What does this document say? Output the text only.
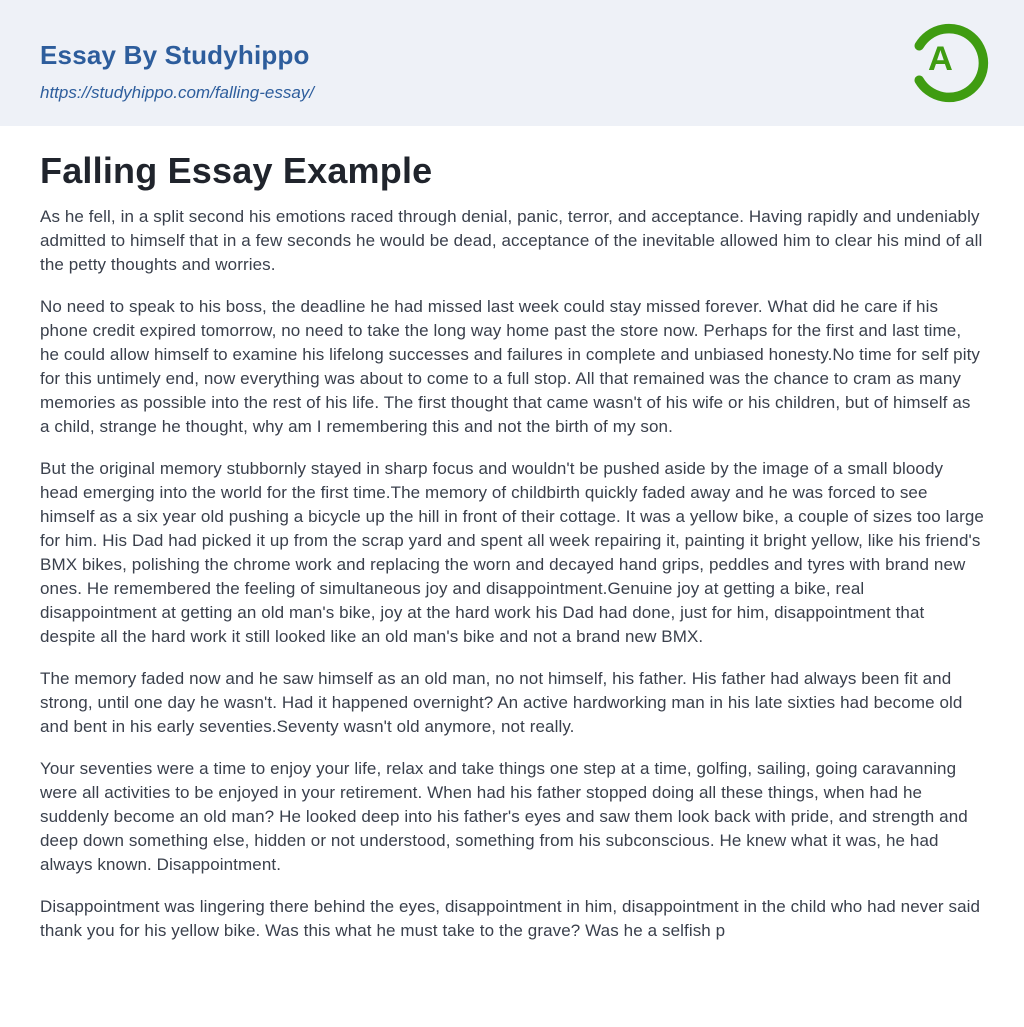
Essay By Studyhippo
https://studyhippo.com/falling-essay/
A
Falling Essay Example

As he fell, in a split second his emotions raced through denial, panic, terror, and acceptance. Having rapidly and undeniably admitted to himself that in a few seconds he would be dead, acceptance of the inevitable allowed him to clear his mind of all the petty thoughts and worries.

No need to speak to his boss, the deadline he had missed last week could stay missed forever. What did he care if his phone credit expired tomorrow, no need to take the long way home past the store now. Perhaps for the first and last time, he could allow himself to examine his lifelong successes and failures in complete and unbiased honesty.No time for self pity for this untimely end, now everything was about to come to a full stop. All that remained was the chance to cram as many memories as possible into the rest of his life. The first thought that came wasn't of his wife or his children, but of himself as a child, strange he thought, why am I remembering this and not the birth of my son.

But the original memory stubbornly stayed in sharp focus and wouldn't be pushed aside by the image of a small bloody head emerging into the world for the first time.The memory of childbirth quickly faded away and he was forced to see himself as a six year old pushing a bicycle up the hill in front of their cottage. It was a yellow bike, a couple of sizes too large for him. His Dad had picked it up from the scrap yard and spent all week repairing it, painting it bright yellow, like his friend's BMX bikes, polishing the chrome work and replacing the worn and decayed hand grips, peddles and tyres with brand new ones. He remembered the feeling of simultaneous joy and disappointment.Genuine joy at getting a bike, real disappointment at getting an old man's bike, joy at the hard work his Dad had done, just for him, disappointment that despite all the hard work it still looked like an old man's bike and not a brand new BMX.

The memory faded now and he saw himself as an old man, no not himself, his father. His father had always been fit and strong, until one day he wasn't. Had it happened overnight? An active hardworking man in his late sixties had become old and bent in his early seventies.Seventy wasn't old anymore, not really.

Your seventies were a time to enjoy your life, relax and take things one step at a time, golfing, sailing, going caravanning were all activities to be enjoyed in your retirement. When had his father stopped doing all these things, when had he suddenly become an old man? He looked deep into his father's eyes and saw them look back with pride, and strength and deep down something else, hidden or not understood, something from his subconscious. He knew what it was, he had always known. Disappointment.

Disappointment was lingering there behind the eyes, disappointment in him, disappointment in the child who had never said thank you for his yellow bike. Was this what he must take to the grave? Was he a selfish p
